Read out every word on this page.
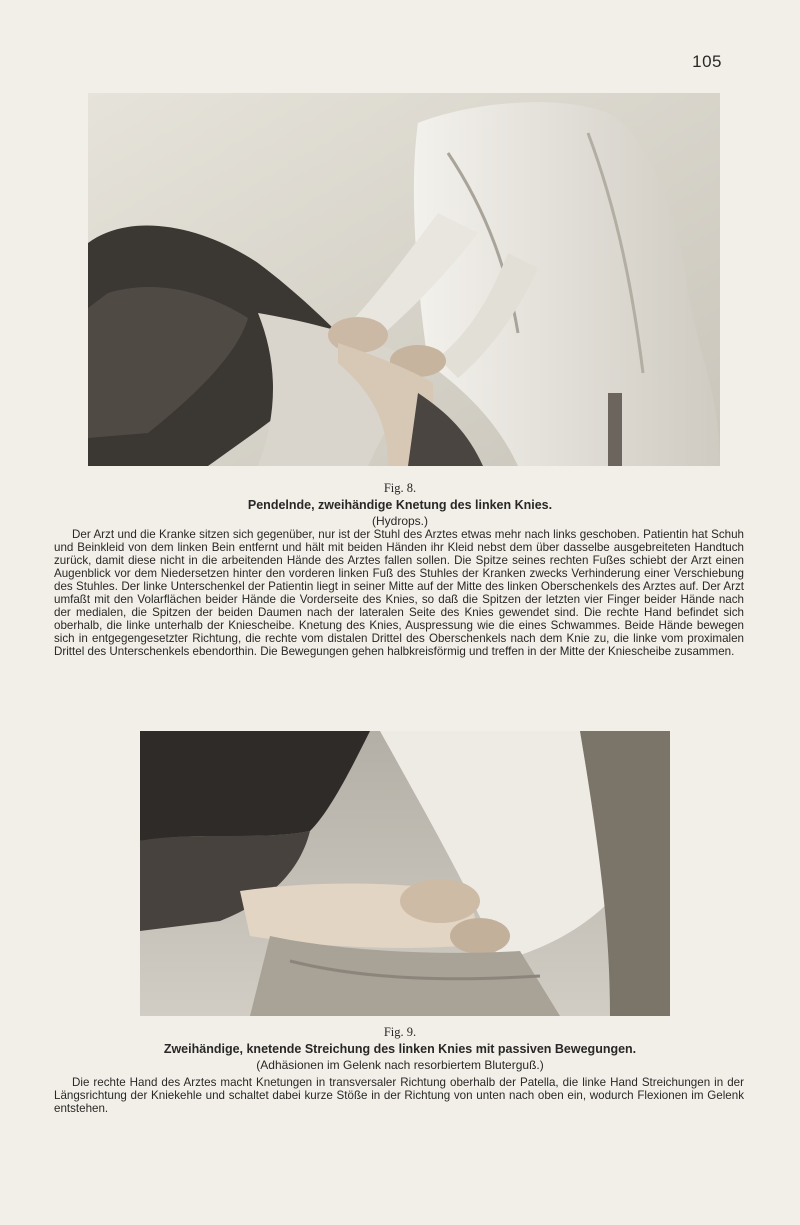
105

Fig. 8.

Pendelnde, zweihändige Knetung des linken Knies.

(Hydrops.)

Der Arzt und die Kranke sitzen sich gegenüber, nur ist der Stuhl des Arztes etwas mehr nach links geschoben. Patientin hat Schuh und Beinkleid von dem linken Bein entfernt und hält mit beiden Händen ihr Kleid nebst dem über dasselbe ausgebreiteten Handtuch zurück, damit diese nicht in die arbeitenden Hände des Arztes fallen sollen. Die Spitze seines rechten Fußes schiebt der Arzt einen Augenblick vor dem Niedersetzen hinter den vorderen linken Fuß des Stuhles der Kranken zwecks Verhinderung einer Verschiebung des Stuhles. Der linke Unterschenkel der Patientin liegt in seiner Mitte auf der Mitte des linken Oberschenkels des Arztes auf. Der Arzt umfaßt mit den Volarflächen beider Hände die Vorderseite des Knies, so daß die Spitzen der letzten vier Finger beider Hände nach der medialen, die Spitzen der beiden Daumen nach der lateralen Seite des Knies gewendet sind. Die rechte Hand befindet sich oberhalb, die linke unterhalb der Kniescheibe. Knetung des Knies, Auspressung wie die eines Schwammes. Beide Hände bewegen sich in entgegengesetzter Richtung, die rechte vom distalen Drittel des Oberschenkels nach dem Knie zu, die linke vom proximalen Drittel des Unterschenkels ebendorthin. Die Bewegungen gehen halbkreisförmig und treffen in der Mitte der Kniescheibe zusammen.

Fig. 9.

Zweihändige, knetende Streichung des linken Knies mit passiven Bewegungen.

(Adhäsionen im Gelenk nach resorbiertem Bluterguß.)

Die rechte Hand des Arztes macht Knetungen in transversaler Richtung oberhalb der Patella, die linke Hand Streichungen in der Längsrichtung der Kniekehle und schaltet dabei kurze Stöße in der Richtung von unten nach oben ein, wodurch Flexionen im Gelenk entstehen.
